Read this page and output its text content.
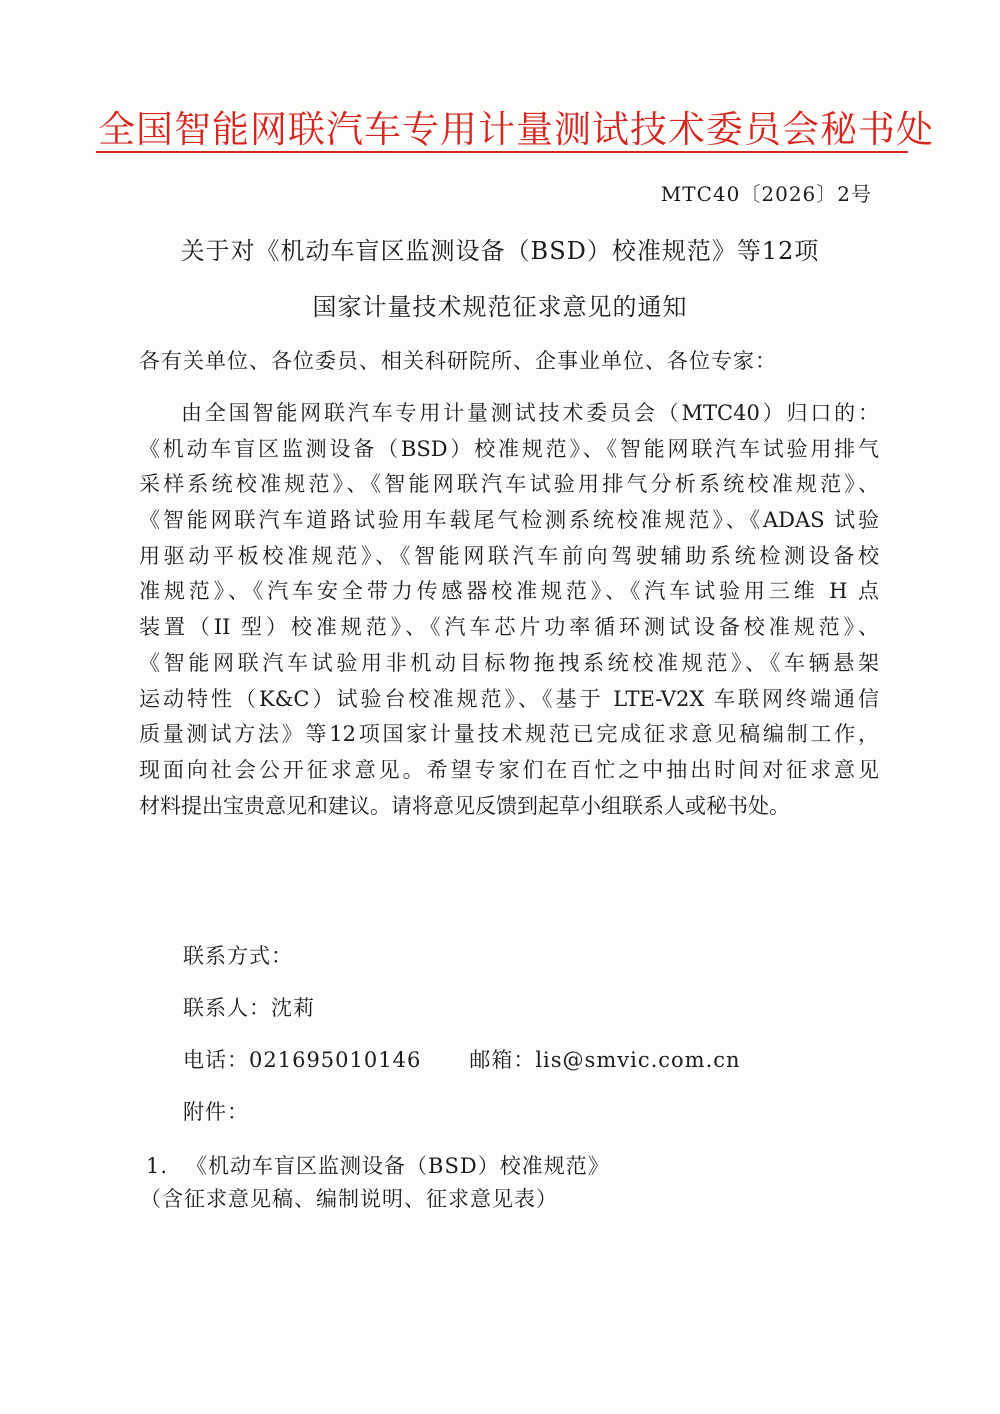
全国智能网联汽车专用计量测试技术委员会秘书处
MTC40〔2026〕2号
关于对《机动车盲区监测设备（BSD）校准规范》等12项
国家计量技术规范征求意见的通知
各有关单位、各位委员、相关科研院所、企事业单位、各位专家：
由全国智能网联汽车专用计量测试技术委员会（MTC40）归口的：
《机动车盲区监测设备（BSD）校准规范》、《智能网联汽车试验用排气
采样系统校准规范》、《智能网联汽车试验用排气分析系统校准规范》、
《智能网联汽车道路试验用车载尾气检测系统校准规范》、《ADAS 试验
用驱动平板校准规范》、《智能网联汽车前向驾驶辅助系统检测设备校
准规范》、《汽车安全带力传感器校准规范》、《汽车试验用三维 H 点
装置（II 型）校准规范》、《汽车芯片功率循环测试设备校准规范》、
《智能网联汽车试验用非机动目标物拖拽系统校准规范》、《车辆悬架
运动特性（K&C）试验台校准规范》、《基于 LTE-V2X 车联网终端通信
质量测试方法》等12项国家计量技术规范已完成征求意见稿编制工作，
现面向社会公开征求意见。希望专家们在百忙之中抽出时间对征求意见
材料提出宝贵意见和建议。请将意见反馈到起草小组联系人或秘书处。
联系方式：
联系人：沈莉
电话：021695010146 邮箱：lis@smvic.com.cn
附件：
1. 《机动车盲区监测设备（BSD）校准规范》
（含征求意见稿、编制说明、征求意见表）
